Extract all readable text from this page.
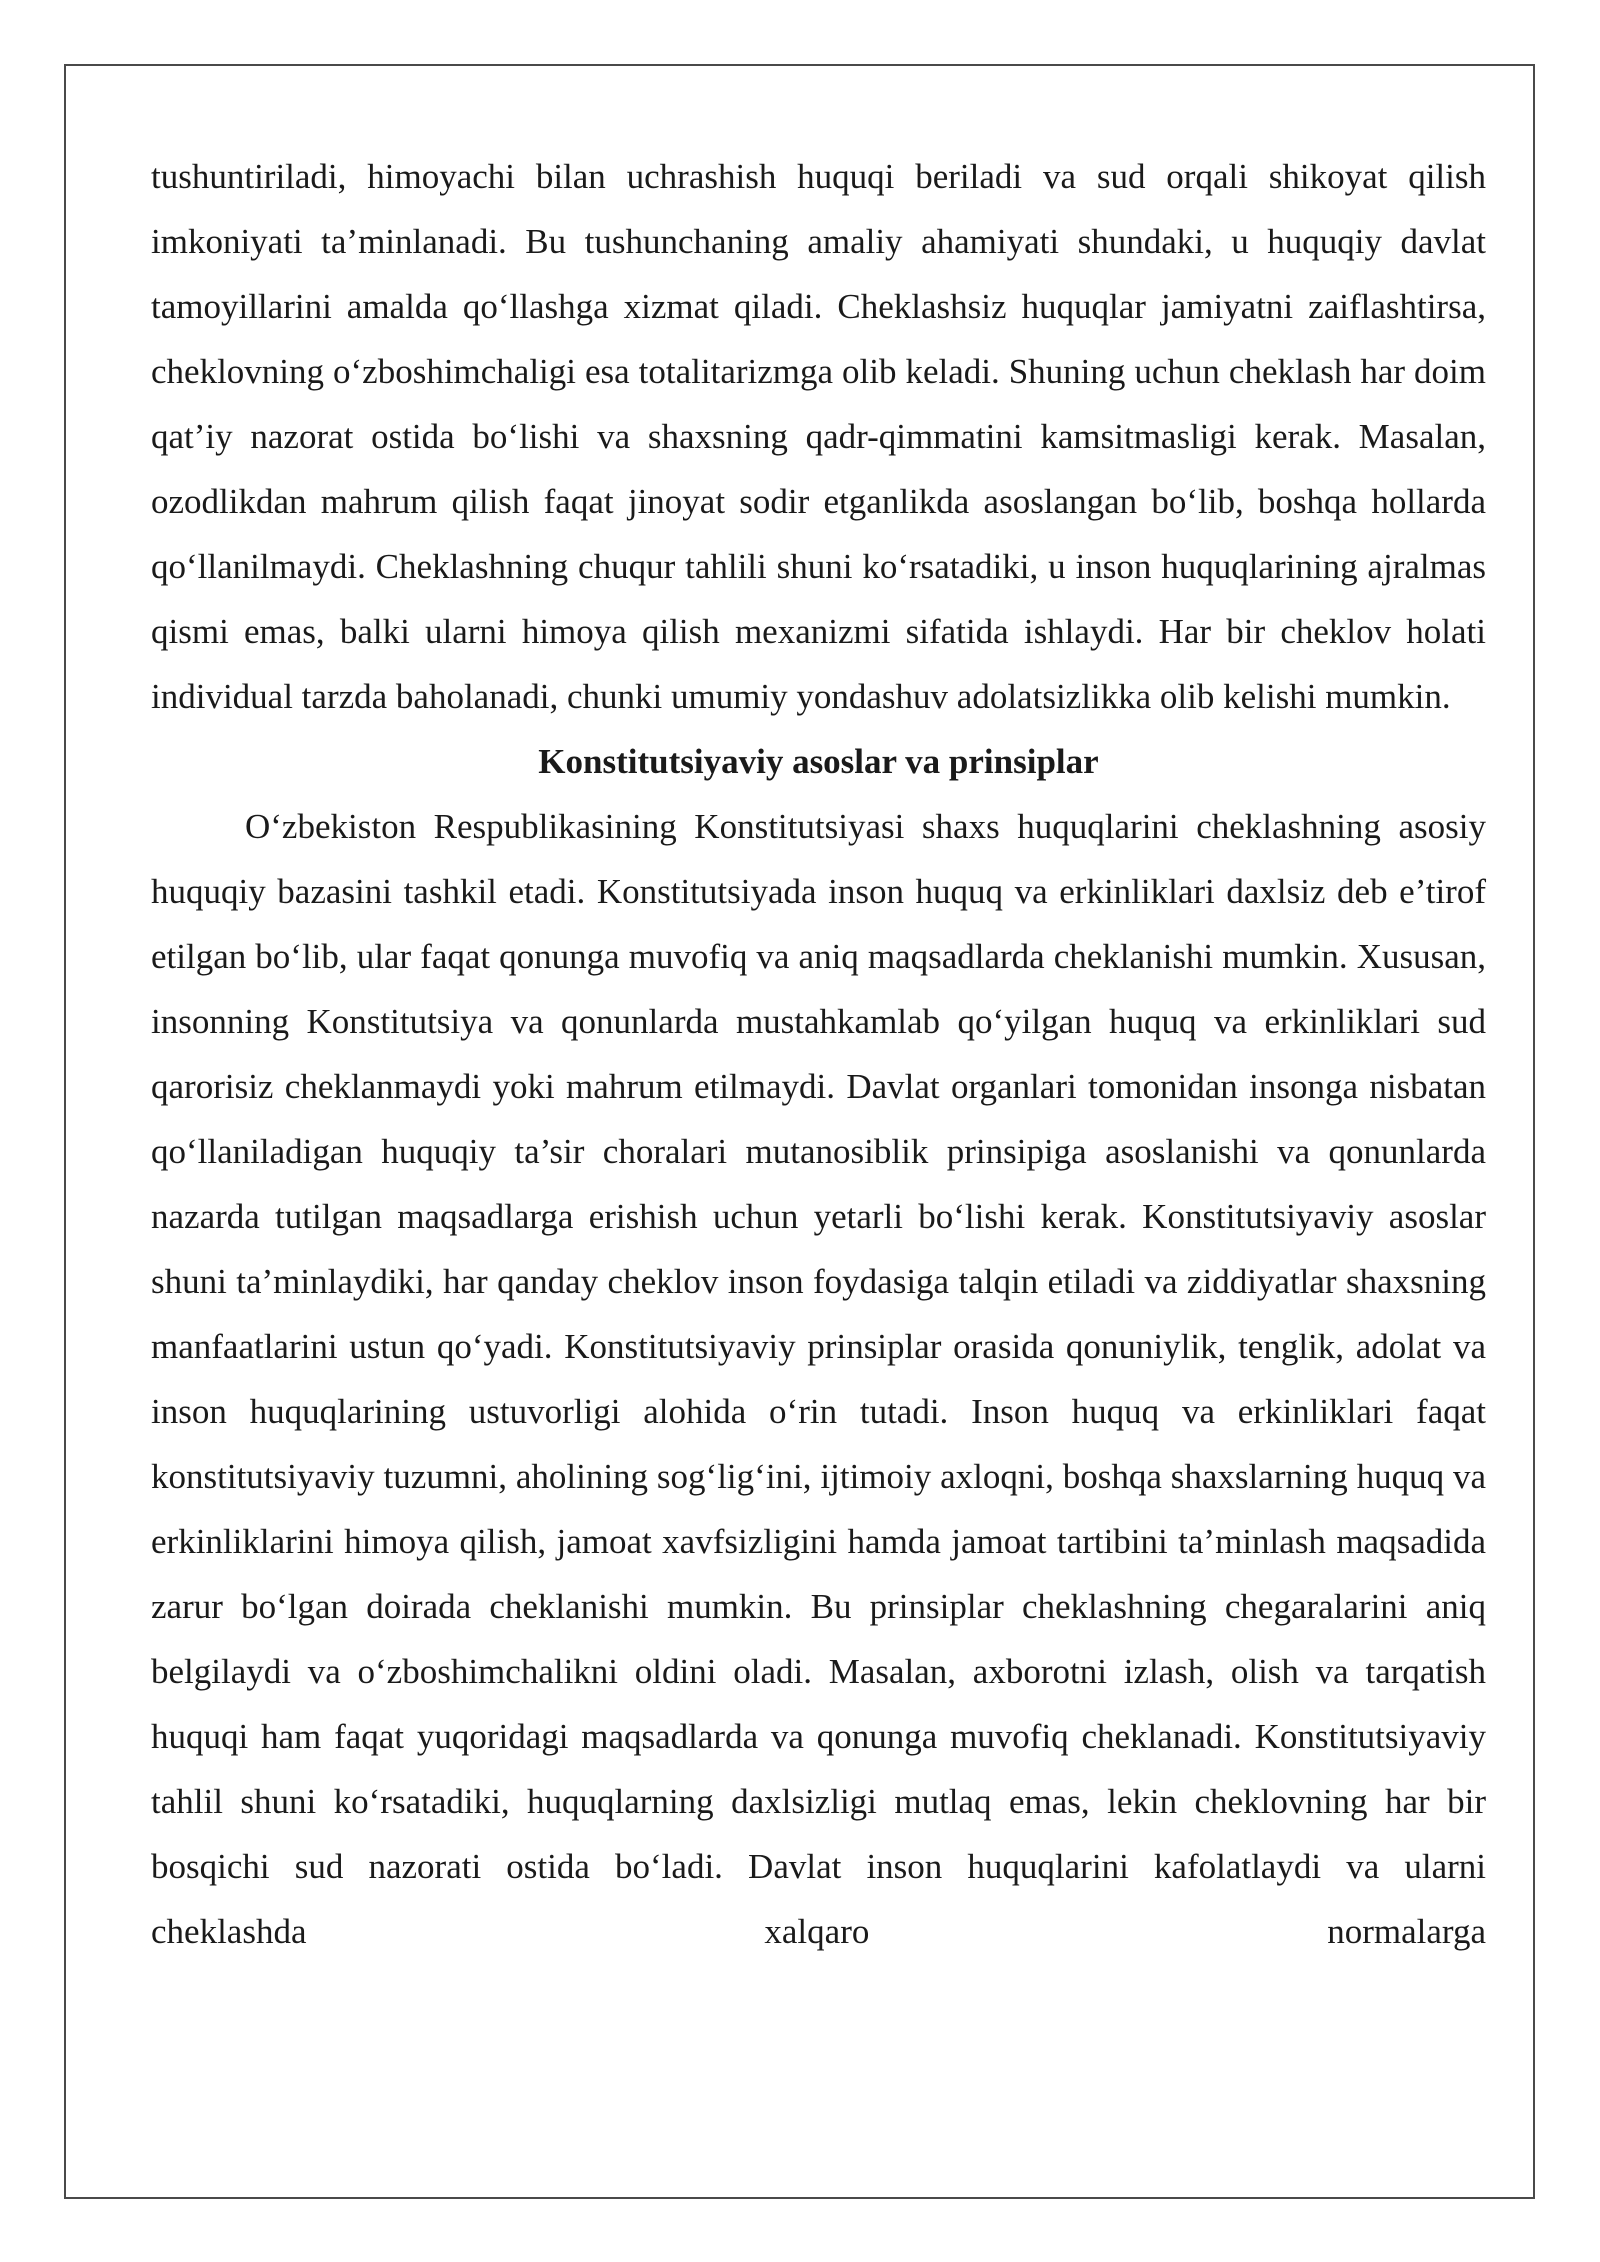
tushuntiriladi, himoyachi bilan uchrashish huquqi beriladi va sud orqali shikoyat qilish imkoniyati ta’minlanadi. Bu tushunchaning amaliy ahamiyati shundaki, u huquqiy davlat tamoyillarini amalda qo‘llashga xizmat qiladi. Cheklashsiz huquqlar jamiyatni zaiflashtirsa, cheklovning o‘zboshimchaligi esa totalitarizmga olib keladi. Shuning uchun cheklash har doim qat’iy nazorat ostida bo‘lishi va shaxsning qadr-qimmatini kamsitmasligi kerak. Masalan, ozodlikdan mahrum qilish faqat jinoyat sodir etganlikda asoslangan bo‘lib, boshqa hollarda qo‘llanilmaydi. Cheklashning chuqur tahlili shuni ko‘rsatadiki, u inson huquqlarining ajralmas qismi emas, balki ularni himoya qilish mexanizmi sifatida ishlaydi. Har bir cheklov holati individual tarzda baholanadi, chunki umumiy yondashuv adolatsizlikka olib kelishi mumkin.

Konstitutsiyaviy asoslar va prinsiplar

O‘zbekiston Respublikasining Konstitutsiyasi shaxs huquqlarini cheklashning asosiy huquqiy bazasini tashkil etadi. Konstitutsiyada inson huquq va erkinliklari daxlsiz deb e’tirof etilgan bo‘lib, ular faqat qonunga muvofiq va aniq maqsadlarda cheklanishi mumkin. Xususan, insonning Konstitutsiya va qonunlarda mustahkamlab qo‘yilgan huquq va erkinliklari sud qarorisiz cheklanmaydi yoki mahrum etilmaydi. Davlat organlari tomonidan insonga nisbatan qo‘llaniladigan huquqiy ta’sir choralari mutanosiblik prinsipiga asoslanishi va qonunlarda nazarda tutilgan maqsadlarga erishish uchun yetarli bo‘lishi kerak. Konstitutsiyaviy asoslar shuni ta’minlaydiki, har qanday cheklov inson foydasiga talqin etiladi va ziddiyatlar shaxsning manfaatlarini ustun qo‘yadi. Konstitutsiyaviy prinsiplar orasida qonuniylik, tenglik, adolat va inson huquqlarining ustuvorligi alohida o‘rin tutadi. Inson huquq va erkinliklari faqat konstitutsiyaviy tuzumni, aholining sog‘lig‘ini, ijtimoiy axloqni, boshqa shaxslarning huquq va erkinliklarini himoya qilish, jamoat xavfsizligini hamda jamoat tartibini ta’minlash maqsadida zarur bo‘lgan doirada cheklanishi mumkin. Bu prinsiplar cheklashning chegaralarini aniq belgilaydi va o‘zboshimchalikni oldini oladi. Masalan, axborotni izlash, olish va tarqatish huquqi ham faqat yuqoridagi maqsadlarda va qonunga muvofiq cheklanadi. Konstitutsiyaviy tahlil shuni ko‘rsatadiki, huquqlarning daxlsizligi mutlaq emas, lekin cheklovning har bir bosqichi sud nazorati ostida bo‘ladi. Davlat inson huquqlarini kafolatlaydi va ularni cheklashda xalqaro normalarga
